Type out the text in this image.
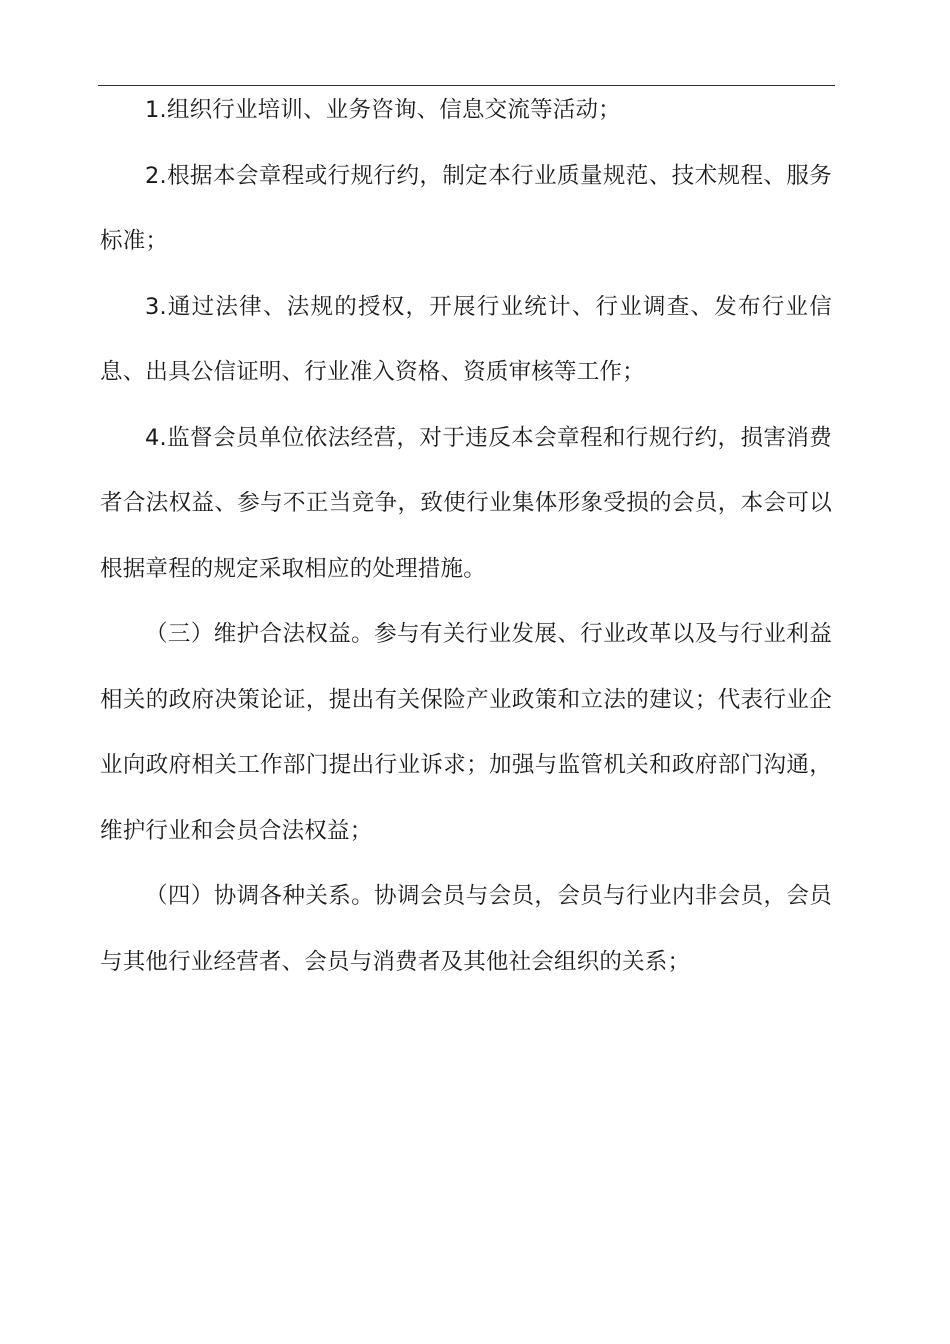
1.组织行业培训、业务咨询、信息交流等活动；

2.根据本会章程或行规行约，制定本行业质量规范、技术规程、服务标准；

3.通过法律、法规的授权，开展行业统计、行业调查、发布行业信息、出具公信证明、行业准入资格、资质审核等工作；

4.监督会员单位依法经营，对于违反本会章程和行规行约，损害消费者合法权益、参与不正当竞争，致使行业集体形象受损的会员，本会可以根据章程的规定采取相应的处理措施。

（三）维护合法权益。参与有关行业发展、行业改革以及与行业利益相关的政府决策论证，提出有关保险产业政策和立法的建议；代表行业企业向政府相关工作部门提出行业诉求；加强与监管机关和政府部门沟通，维护行业和会员合法权益；

（四）协调各种关系。协调会员与会员，会员与行业内非会员，会员与其他行业经营者、会员与消费者及其他社会组织的关系；
